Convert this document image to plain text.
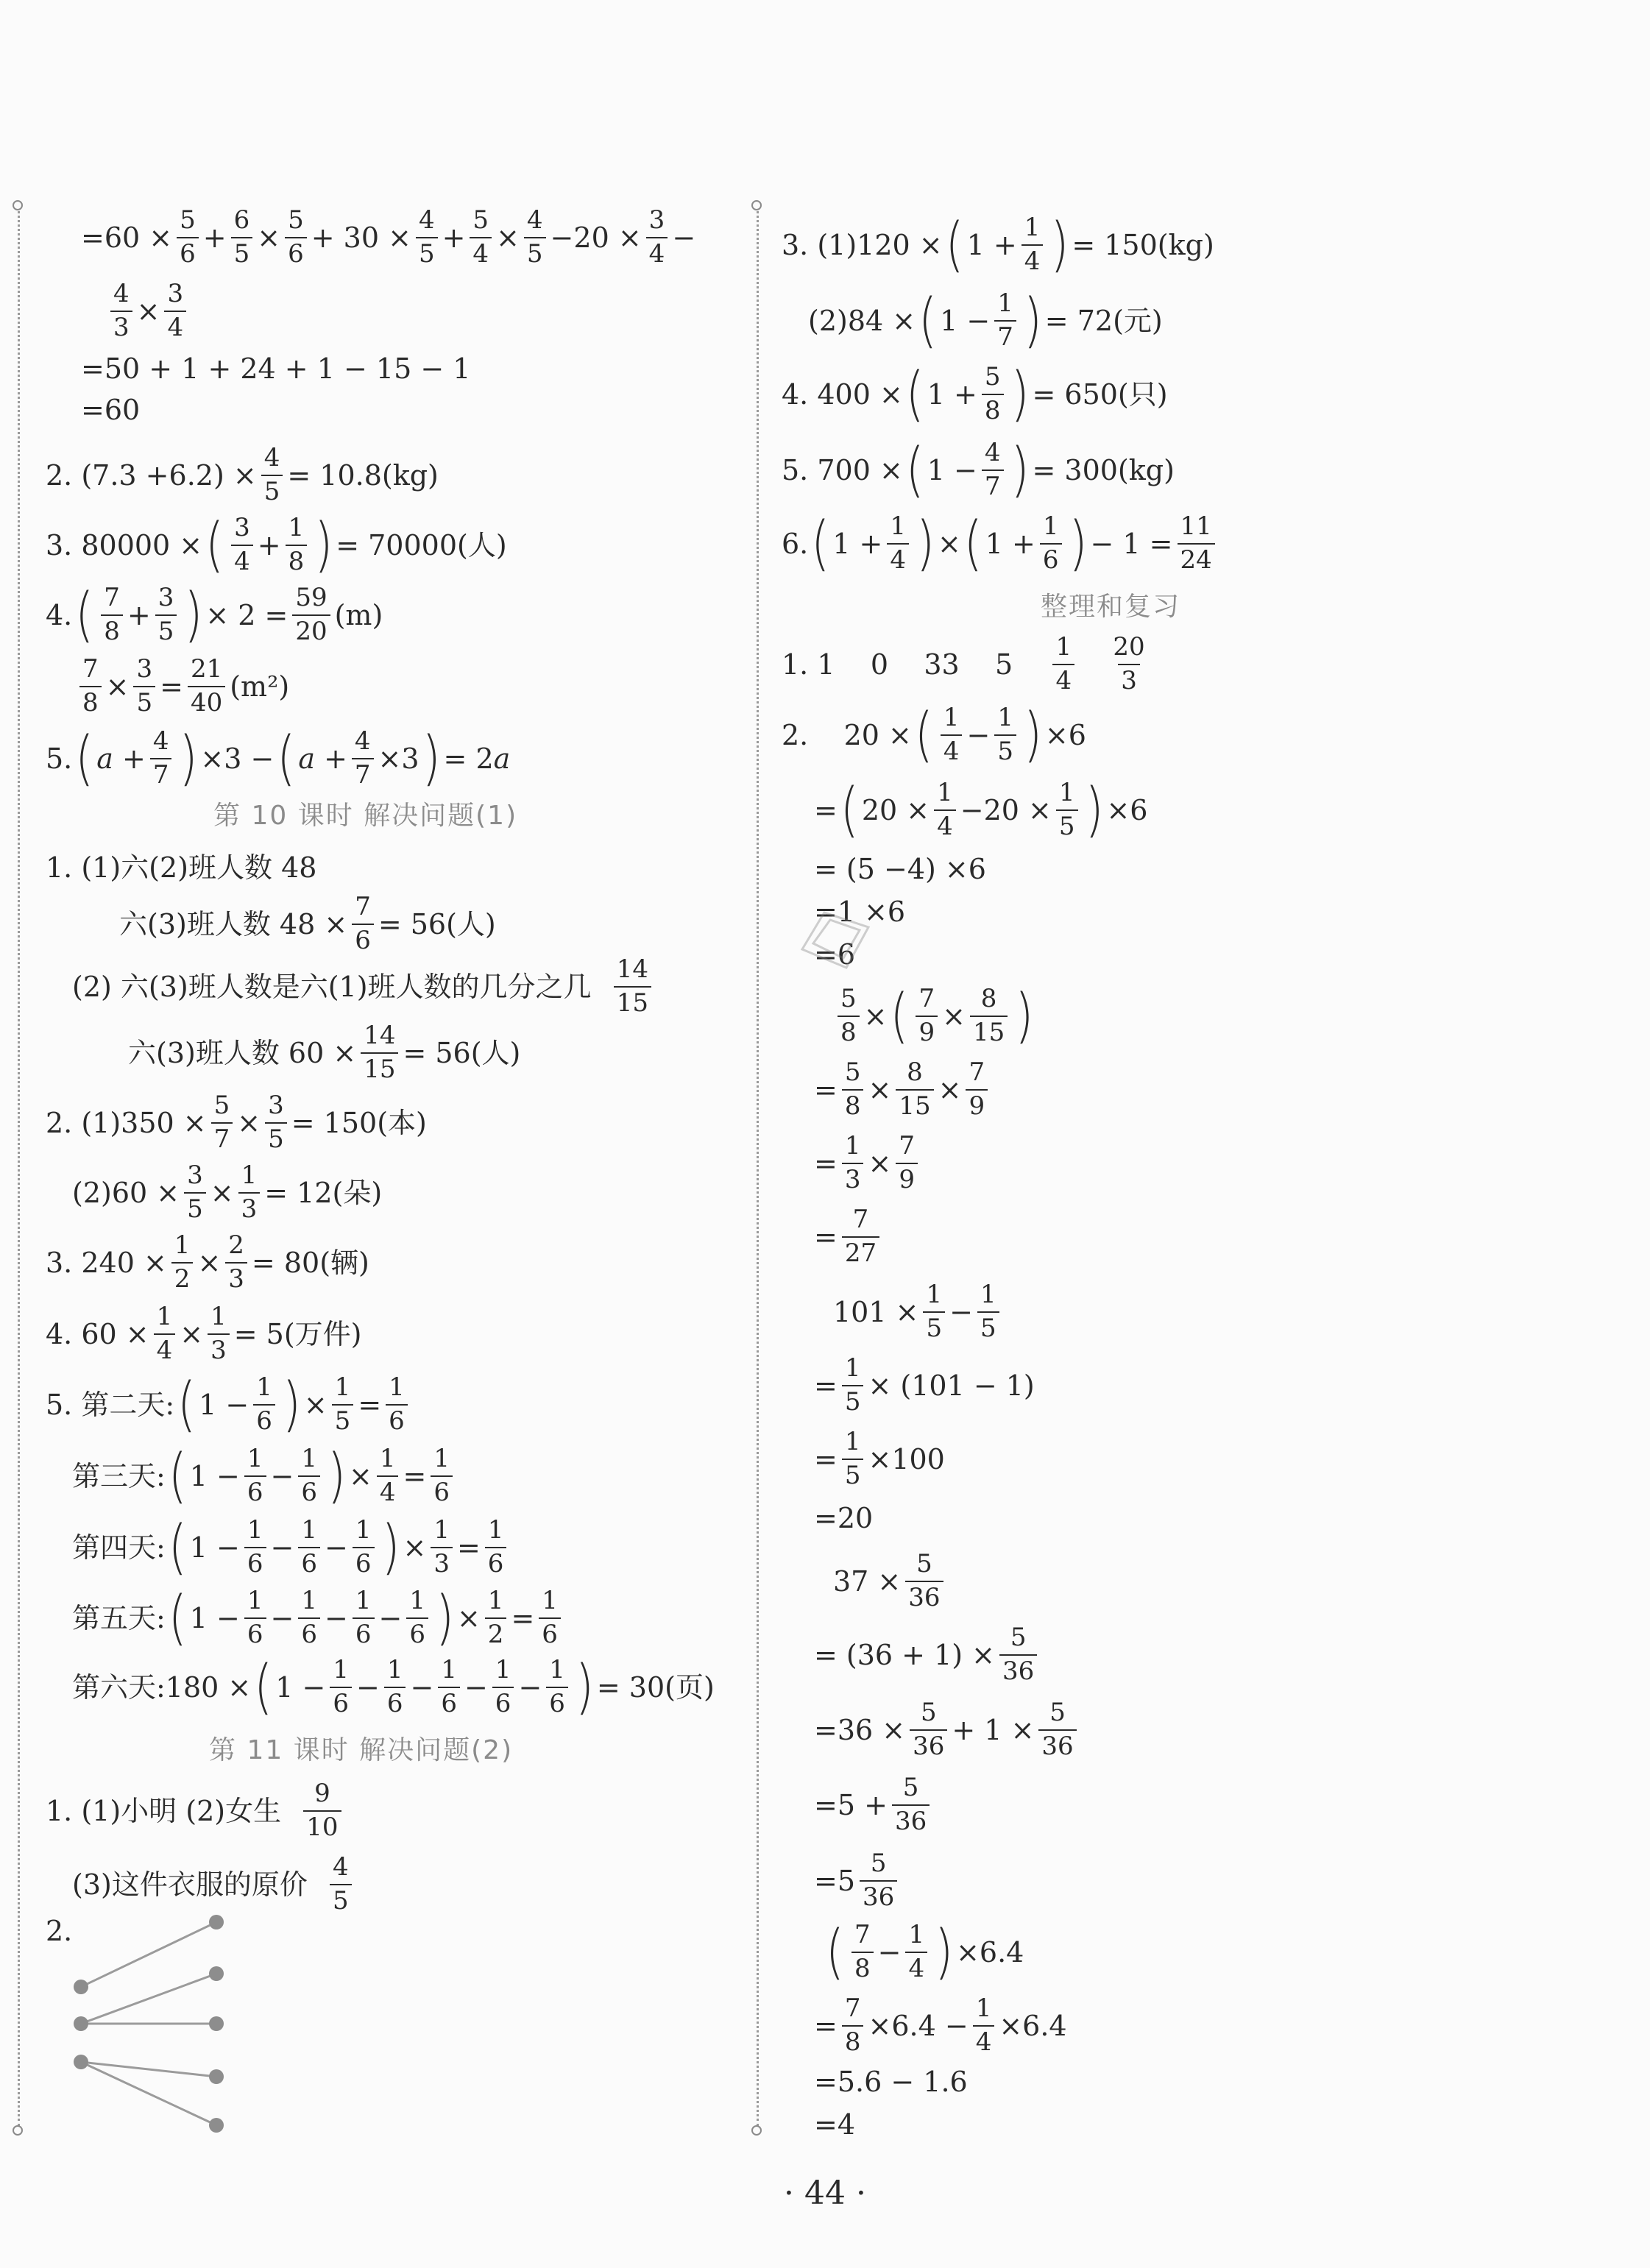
$=60 \times \frac{5}{6} + \frac{6}{5} \times \frac{5}{6} + 30 \times \frac{4}{5} + \frac{5}{4} \times \frac{4}{5} -20 \times \frac{3}{4}$ −
$\frac{4}{3} \times \frac{3}{4}$
=50 + 1 + 24 + 1 − 15 − 1
=60
2. $(7.3 +6.2) \times \frac{4}{5} = 10.8(kg)$
3. 80000 × ( $\frac{3}{4} + \frac{1}{8}$ ) = 70000(人)
4. ( $\frac{7}{8} + \frac{3}{5}$ ) × $2 = \frac{59}{20} (m)$
$\frac{7}{8} \times \frac{3}{5} = \frac{21}{40} (m^2)$
5. ( $a + \frac{4}{7}$ ) ×3 − ( $a + \frac{4}{7} \times 3$ ) = 2a
第 10 课时 解决问题(1)
1. (1)六(2)班人数 48
六(3)班人数 $48 \times \frac{7}{6} = 56$(人)
(2) 六(3)班人数是六(1)班人数的几分之几
$\frac{14}{15}$
六(3)班人数 $60 \times \frac{14}{15} = 56$(人)
2. $(1)350 \times \frac{5}{7} \times \frac{3}{5} = 150$(本)
$(2)60 \times \frac{3}{5} \times \frac{1}{3} = 12$(朵)
3. $240 \times \frac{1}{2} \times \frac{2}{3} = 80$(辆)
4. $60 \times \frac{1}{4} \times \frac{1}{3} = 5$(万件)
5. 第二天: ( $1 - \frac{1}{6}$ ) × $\frac{1}{5} = \frac{1}{6}$
第三天: ( $1 - \frac{1}{6} - \frac{1}{6}$ ) × $\frac{1}{4} = \frac{1}{6}$
第四天: ( $1 - \frac{1}{6} - \frac{1}{6} - \frac{1}{6}$ ) × $\frac{1}{3} = \frac{1}{6}$
第五天: ( $1 - \frac{1}{6} - \frac{1}{6} - \frac{1}{6} - \frac{1}{6}$ ) × $\frac{1}{2} = \frac{1}{6}$
第六天:180 × ( $1 - \frac{1}{6} - \frac{1}{6} - \frac{1}{6} - \frac{1}{6} - \frac{1}{6}$ ) = 30(页)
第 11 课时 解决问题(2)
1. (1)小明 (2)女生
$\frac{9}{10}$
(3)这件衣服的原价
$\frac{4}{5}$
2.
3. (1)120 × ( $1 + \frac{1}{4}$ ) = 150(kg)
(2)84 × ( $1 - \frac{1}{7}$ ) = 72(元)
4. 400 × ( $1 + \frac{5}{8}$ ) = 650(只)
5. 700 × ( $1 - \frac{4}{7}$ ) = 300(kg)
6. ( $1 + \frac{1}{4}$ ) × ( $1 + \frac{1}{6}$ ) − $1 = \frac{11}{24}$
整理和复习
1. 1    0    33    $5 \frac{1}{4}$
$\frac{20}{3}$
2.    20 × ( $\frac{1}{4} - \frac{1}{5}$ ) ×6
= ( $20 \times \frac{1}{4} -20 \times \frac{1}{5}$ ) ×6
= (5 −4) ×6
=1 ×6
=6
$\frac{5}{8}$ × ( $\frac{7}{9} \times \frac{8}{15}$ )
= $\frac{5}{8} \times \frac{8}{15} \times \frac{7}{9}$
= $\frac{1}{3} \times \frac{7}{9}$
= $\frac{7}{27}$
$101 \times \frac{1}{5} - \frac{1}{5}$
= $\frac{1}{5} \times (101 - 1)$
= $\frac{1}{5} \times 100$
=20
$37 \times \frac{5}{36}$
= $(36 + 1) \times \frac{5}{36}$
$=36 \times \frac{5}{36} + 1 \times \frac{5}{36}$
$=5 + \frac{5}{36}$
$=5 \frac{5}{36}$
( $\frac{7}{8} - \frac{1}{4}$ ) ×6.4
= $\frac{7}{8} \times 6.4 - \frac{1}{4} \times 6.4$
=5.6 − 1.6
=4
· 44 ·
